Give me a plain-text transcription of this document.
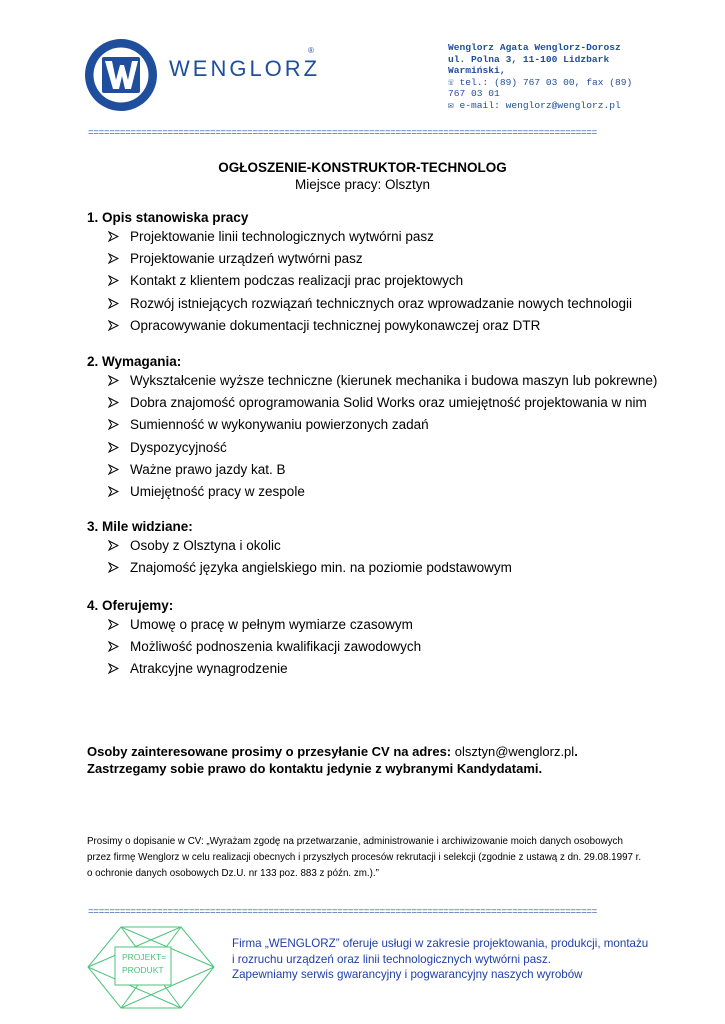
WENGLORZ
®	Wenglorz Agata Wenglorz-Dorosz
ul. Polna 3, 11-100 Lidzbark
Warmiński,
☏ tel.: (89) 767 03 00, fax (89)
767 03 01
✉ e-mail: wenglorz@wenglorz.pl
================================================================================================
OGŁOSZENIE-KONSTRUKTOR-TECHNOLOG
Miejsce pracy: Olsztyn
1. Opis stanowiska pracy
Projektowanie linii technologicznych wytwórni pasz
Projektowanie urządzeń wytwórni pasz
Kontakt z klientem podczas realizacji prac projektowych
Rozwój istniejących rozwiązań technicznych oraz wprowadzanie nowych technologii
Opracowywanie dokumentacji technicznej powykonawczej oraz DTR
2. Wymagania:
Wykształcenie wyższe techniczne (kierunek mechanika i budowa maszyn lub pokrewne)
Dobra znajomość oprogramowania Solid Works oraz umiejętność projektowania w nim
Sumienność w wykonywaniu powierzonych zadań
Dyspozycyjność
Ważne prawo jazdy kat. B
Umiejętność pracy w zespole
3. Mile widziane:
Osoby z Olsztyna i okolic
Znajomość języka angielskiego min. na poziomie podstawowym
4. Oferujemy:
Umowę o pracę w pełnym wymiarze czasowym
Możliwość podnoszenia kwalifikacji zawodowych
Atrakcyjne wynagrodzenie
Osoby zainteresowane prosimy o przesyłanie CV na adres: olsztyn@wenglorz.pl.
Zastrzegamy sobie prawo do kontaktu jedynie z wybranymi Kandydatami.
Prosimy o dopisanie w CV: „Wyrażam zgodę na przetwarzanie, administrowanie i archiwizowanie moich danych osobowych przez firmę Wenglorz w celu realizacji obecnych i przyszłych procesów rekrutacji i selekcji (zgodnie z ustawą z dn. 29.08.1997 r. o ochronie danych osobowych Dz.U. nr 133 poz. 883 z późn. zm.).”
================================================================================================
PROJEKT=
PRODUKT
Firma „WENGLORZ” oferuje usługi w zakresie projektowania, produkcji, montażu
i rozruchu urządzeń oraz linii technologicznych wytwórni pasz.
Zapewniamy serwis gwarancyjny i pogwarancyjny naszych wyrobów
